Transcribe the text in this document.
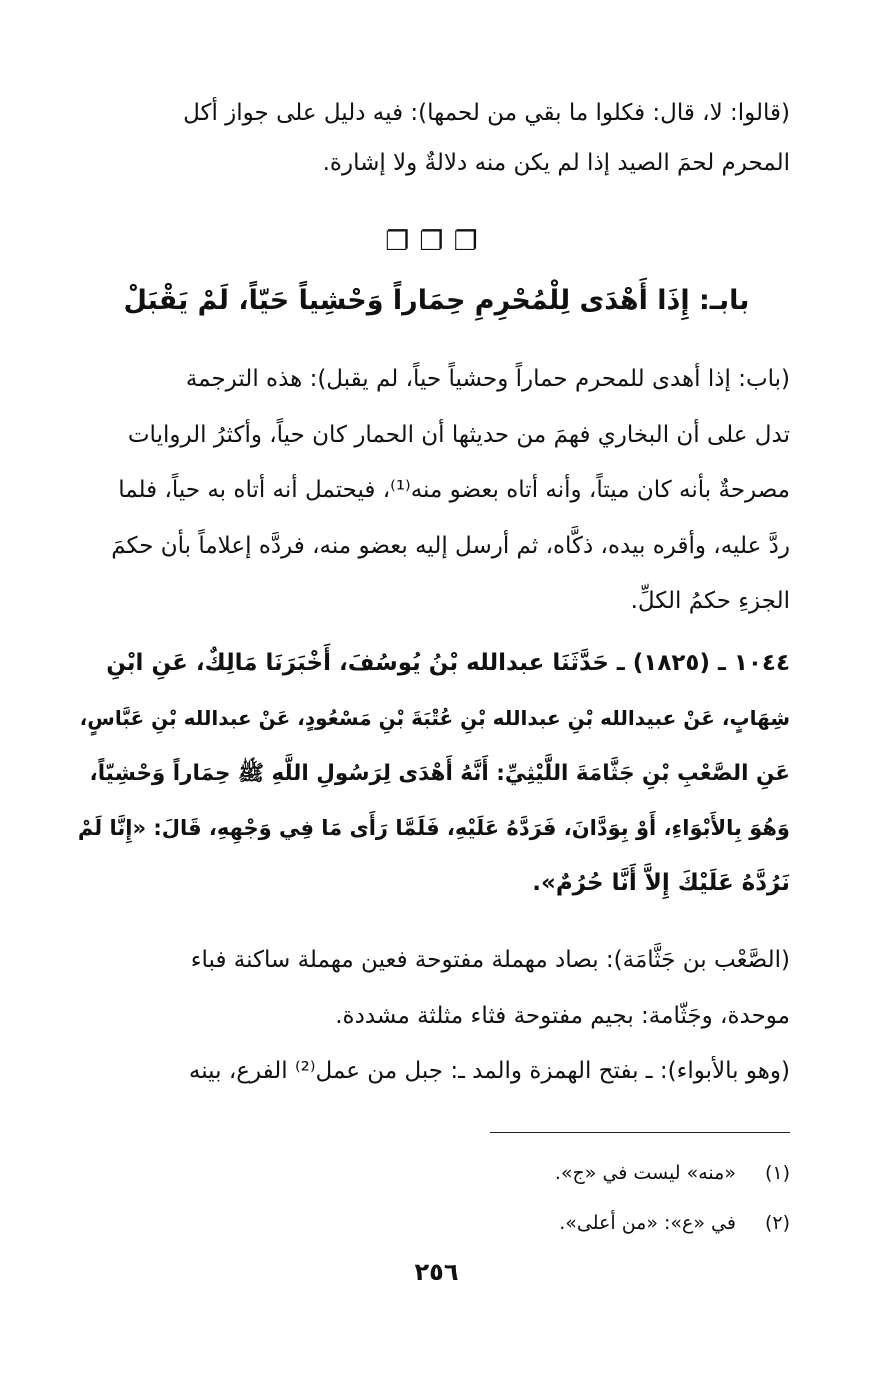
(قالوا: لا، قال: فكلوا ما بقي من لحمها): فيه دليل على جواز أكل
المحرم لحمَ الصيد إذا لم يكن منه دلالةٌ ولا إشارة.
❐❐❐
بابـ: إِذَا أَهْدَى لِلْمُحْرِمِ حِمَاراً وَحْشِياً حَيّاً، لَمْ يَقْبَلْ
(باب: إذا أهدى للمحرم حماراً وحشياً حياً، لم يقبل): هذه الترجمة
تدل على أن البخاري فهمَ من حديثها أن الحمار كان حياً، وأكثرُ الروايات
مصرحةٌ بأنه كان ميتاً، وأنه أتاه بعضو منه⁽¹⁾، فيحتمل أنه أتاه به حياً، فلما
ردَّ عليه، وأقره بيده، ذكَّاه، ثم أرسل إليه بعضو منه، فردَّه إعلاماً بأن حكمَ
الجزءِ حكمُ الكلِّ.
١٠٤٤ ـ (١٨٢٥) ـ حَدَّثَنَا عبدالله بْنُ يُوسُفَ، أَخْبَرَنَا مَالِكٌ، عَنِ ابْنِ
شِهَابٍ، عَنْ عبيدالله بْنِ عبدالله بْنِ عُتْبَةَ بْنِ مَسْعُودٍ، عَنْ عبدالله بْنِ عَبَّاسٍ،
عَنِ الصَّعْبِ بْنِ جَثَّامَةَ اللَّيْثِيِّ: أَنَّهُ أَهْدَى لِرَسُولِ اللَّهِ ﷺ حِمَاراً وَحْشِيّاً،
وَهُوَ بِالأَبْوَاءِ، أَوْ بِوَدَّانَ، فَرَدَّهُ عَلَيْهِ، فَلَمَّا رَأَى مَا فِي وَجْهِهِ، قَالَ: «إِنَّا لَمْ
نَرُدَّهُ عَلَيْكَ إِلاَّ أَنَّا حُرُمٌ».
(الصَّعْب بن جَثَّامَة): بصاد مهملة مفتوحة فعين مهملة ساكنة فباء
موحدة، وجَثّامة: بجيم مفتوحة فثاء مثلثة مشددة.
(وهو بالأبواء): ـ بفتح الهمزة والمد ـ: جبل من عمل⁽²⁾ الفرع، بينه
(١) «منه» ليست في «ج».
(٢) في «ع»: «من أعلى».
٢٥٦
